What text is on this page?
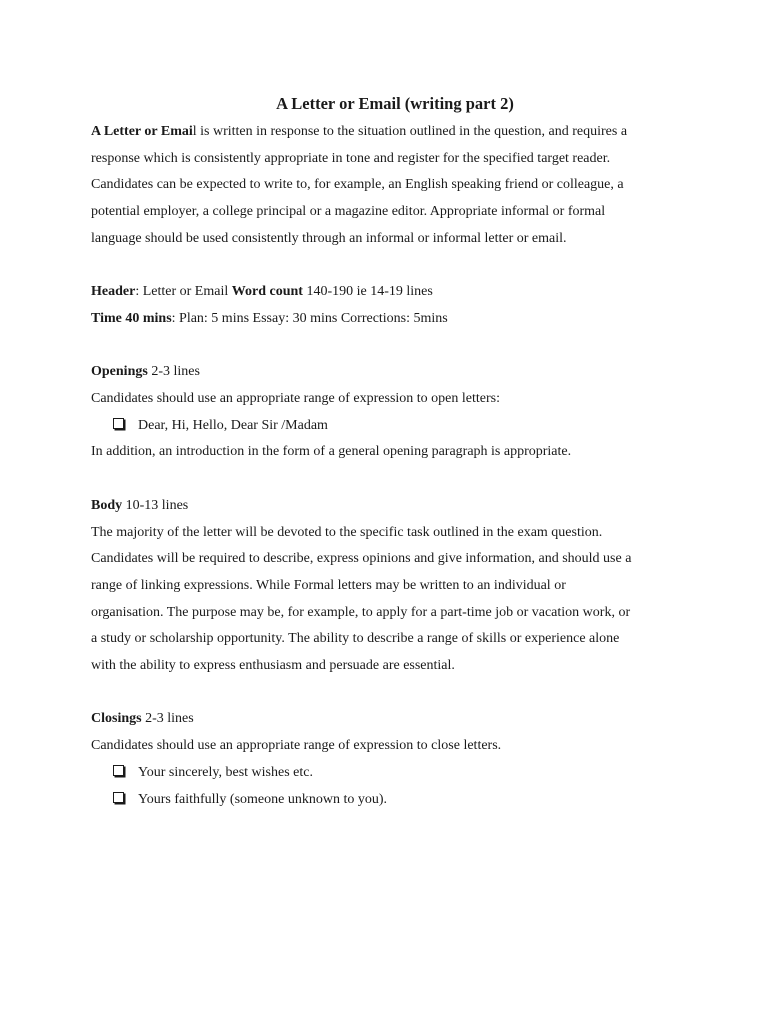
A Letter or Email (writing part 2)

A Letter or Email is written in response to the situation outlined in the question, and requires a

response which is consistently appropriate in tone and register for the specified target reader.

Candidates can be expected to write to, for example, an English speaking friend or colleague, a

potential employer, a college principal or a magazine editor. Appropriate informal or formal

language should be used consistently through an informal or informal letter or email.

Header: Letter or Email Word count 140-190 ie 14-19 lines

Time 40 mins: Plan: 5 mins Essay: 30 mins Corrections: 5mins

Openings 2-3 lines

Candidates should use an appropriate range of expression to open letters:

Dear, Hi, Hello, Dear Sir /Madam

In addition, an introduction in the form of a general opening paragraph is appropriate.

Body 10-13 lines

The majority of the letter will be devoted to the specific task outlined in the exam question.

Candidates will be required to describe, express opinions and give information, and should use a

range of linking expressions. While Formal letters may be written to an individual or

organisation. The purpose may be, for example, to apply for a part-time job or vacation work, or

a study or scholarship opportunity. The ability to describe a range of skills or experience alone

with the ability to express enthusiasm and persuade are essential.

Closings 2-3 lines

Candidates should use an appropriate range of expression to close letters.

Your sincerely, best wishes etc.
Yours faithfully (someone unknown to you).
